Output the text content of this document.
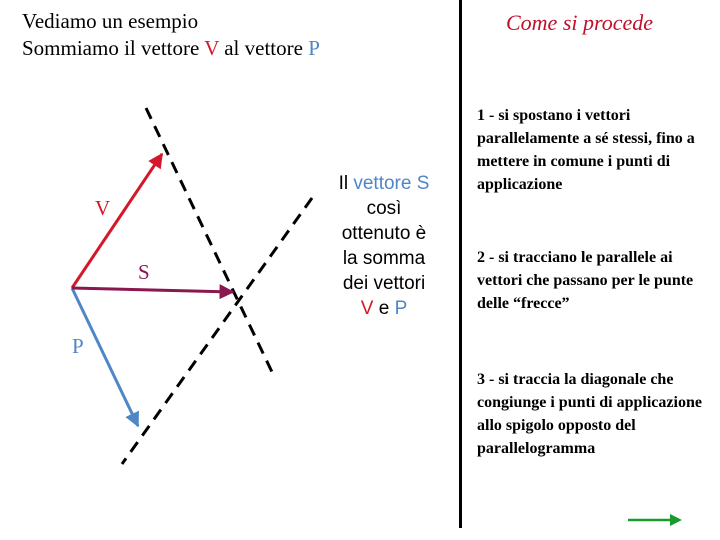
Vediamo un esempio
Sommiamo il vettore V al vettore P
Come si procede
V
S
P
Il vettore S
così
ottenuto è
la somma
dei vettori
V e P
1 - si spostano i vettori parallelamente a sé stessi, fino a mettere in comune i punti di applicazione
2 - si tracciano le parallele ai vettori che passano per le punte delle “frecce”
3 - si traccia la diagonale che congiunge i punti di applicazione allo spigolo opposto del parallelogramma
